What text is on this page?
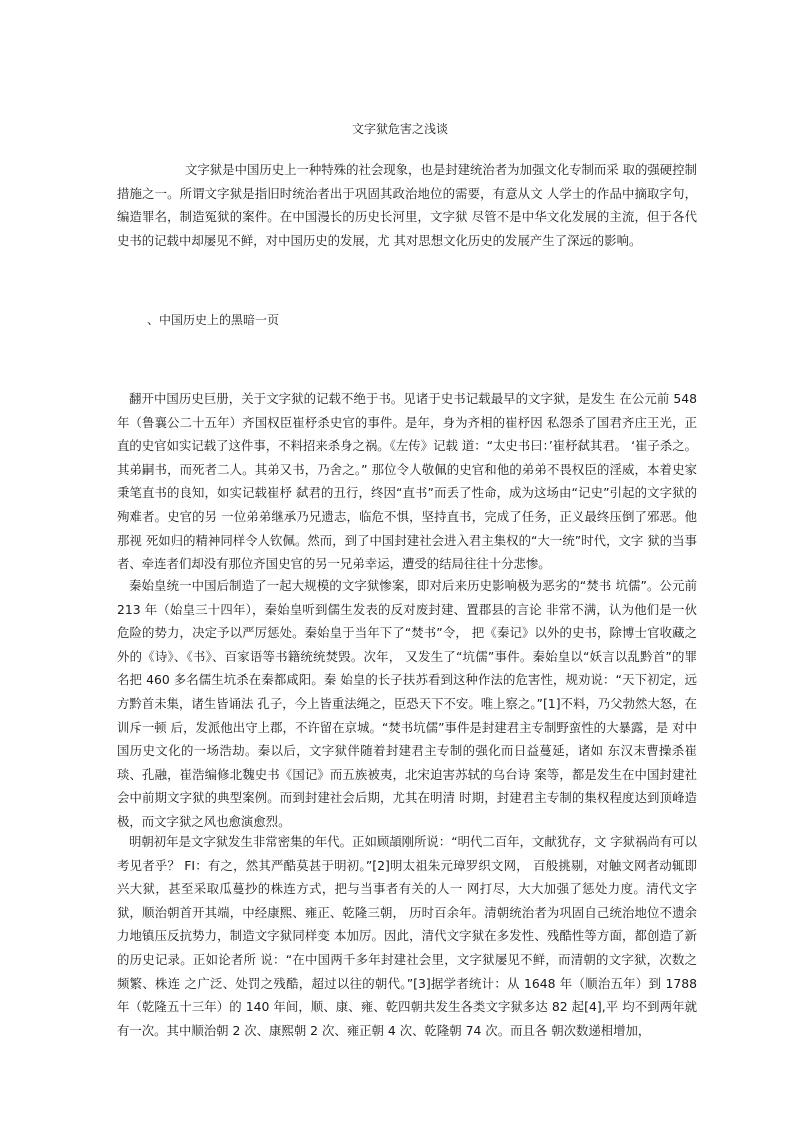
文字狱危害之浅谈

文字狱是中国历史上一种特殊的社会现象，也是封建统治者为加强文化专制而采 取的强硬控制措施之一。所谓文字狱是指旧时统治者出于巩固其政治地位的需要，有意从文 人学士的作品中摘取字句，编造罪名，制造冤狱的案件。在中国漫长的历史长河里，文字狱 尽管不是中华文化发展的主流，但于各代史书的记载中却屡见不鲜，对中国历史的发展，尤 其对思想文化历史的发展产生了深远的影响。

、中国历史上的黑暗一页

翻开中国历史巨册，关于文字狱的记载不绝于书。见诸于史书记载最早的文字狱，是发生 在公元前 548 年（鲁襄公二十五年）齐国权臣崔杼杀史官的事件。是年，身为齐相的崔杼因 私怨杀了国君齐庄王光，正直的史官如实记载了这件事，不料招来杀身之祸。《左传》记载 道：“太史书曰：’崔杼弑其君。 ‘崔子杀之。其弟嗣书，而死者二人。其弟又书，乃舍之。” 那位令人敬佩的史官和他的弟弟不畏权臣的淫威，本着史家秉笔直书的良知，如实记载崔杼 弑君的丑行，终因“直书”而丢了性命，成为这场由“记史”引起的文字狱的殉难者。史官的另 一位弟弟继承乃兄遗志，临危不惧，坚持直书，完成了任务，正义最终压倒了邪恶。他那视 死如归的精神同样令人钦佩。然而，到了中国封建社会进入君主集权的“大一统”时代，文字 狱的当事者、牵连者们却没有那位齐国史官的另一兄弟幸运，遭受的结局往往十分悲惨。

秦始皇统一中国后制造了一起大规模的文字狱惨案，即对后来历史影响极为恶劣的“焚书 坑儒”。公元前 213 年（始皇三十四年），秦始皇听到儒生发表的反对废封建、置郡县的言论 非常不满，认为他们是一伙危险的势力，决定予以严厉惩处。秦始皇于当年下了“焚书”令， 把《秦记》以外的史书，除博士官收藏之外的《诗》、《书》、百家语等书籍统统焚毁。次年， 又发生了“坑儒”事件。秦始皇以“妖言以乱黔首”的罪名把 460 多名儒生坑杀在秦都咸阳。秦 始皇的长子扶苏看到这种作法的危害性，规劝说：“天下初定，远方黔首未集，诸生皆诵法 孔子，今上皆重法绳之，臣恐天下不安。唯上察之。”[1]不料，乃父勃然大怒，在训斥一顿 后，发派他出守上郡，不许留在京城。“焚书坑儒”事件是封建君主专制野蛮性的大暴露，是 对中国历史文化的一场浩劫。秦以后，文字狱伴随着封建君主专制的强化而日益蔓延，诸如 东汉末曹操杀崔琰、孔融，崔浩编修北魏史书《国记》而五族被夷，北宋迫害苏轼的乌台诗 案等，都是发生在中国封建社会中前期文字狱的典型案例。而到封建社会后期，尤其在明清 时期，封建君主专制的集权程度达到顶峰造极，而文字狱之风也愈演愈烈。

明朝初年是文字狱发生非常密集的年代。正如顾頡刚所说：“明代二百年，文献犹存，文 字狱祸尚有可以考见者乎？ FI：有之，然其严酷莫甚于明初。”[2]明太祖朱元璋罗织文网， 百般挑剔，对触文网者动辄即兴大狱，甚至采取瓜蔓抄的株连方式，把与当事者有关的人一 网打尽，大大加强了惩处力度。清代文字狱，顺治朝首开其端，中经康熙、雍正、乾隆三朝， 历时百余年。清朝统治者为巩固自己统治地位不遗余力地镇压反抗势力，制造文字狱同样变 本加厉。因此，清代文字狱在多发性、残酷性等方面，都创造了新的历史记录。正如论者所 说：“在中国两千多年封建社会里，文字狱屡见不鲜，而清朝的文字狱，次数之频繁、株连 之广泛、处罚之残酷，超过以往的朝代。”[3]据学者统计：从 1648 年（顺治五年）到 1788 年（乾隆五十三年）的 140 年间，顺、康、雍、乾四朝共发生各类文字狱多达 82 起[4],平 均不到两年就有一次。其中顺治朝 2 次、康熙朝 2 次、雍正朝 4 次、乾隆朝 74 次。而且各 朝次数递相增加，
